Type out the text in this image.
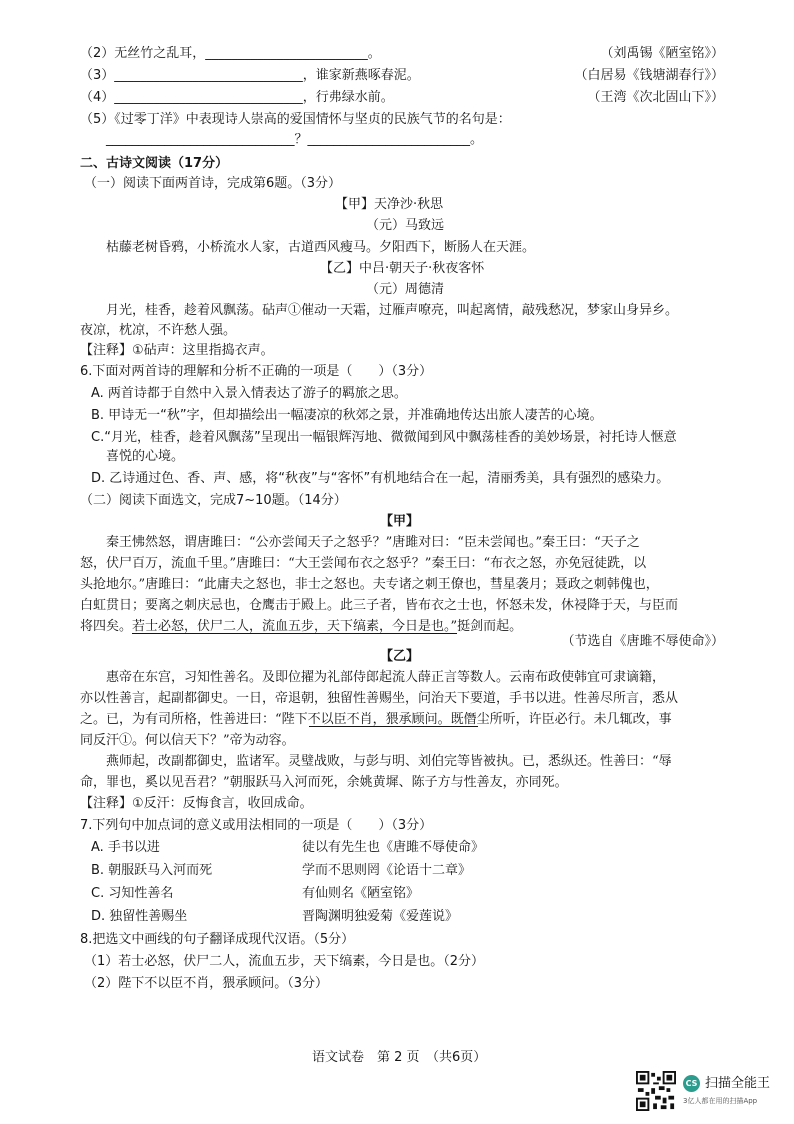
（2）无丝竹之乱耳，_________________________。
（3）_____________________________，谁家新燕啄春泥。
（4）_____________________________，行弗绿水前。
（5）《过零丁洋》中表现诗人崇高的爱国情怀与坚贞的民族气节的名句是：
_____________________________？_________________________。
二、古诗文阅读（17分）
（一）阅读下面两首诗，完成第6题。（3分）
【甲】天净沙·秋思
（元）马致远
枯藤老树昏鸦，小桥流水人家，古道西风瘦马。夕阳西下，断肠人在天涯。
【乙】中吕·朝天子·秋夜客怀
（元）周德清
月光，桂香，趁着风飘荡。砧声①催动一天霜，过雁声嘹亮，叫起离情，敲残愁况，梦家山身异乡。
夜凉，枕凉，不许愁人强。
【注释】①砧声：这里指捣衣声。
6.下面对两首诗的理解和分析不正确的一项是（　　）（3分）
A. 两首诗都于自然中入景入情表达了游子的羁旅之思。
B. 甲诗无一“秋”字，但却描绘出一幅凄凉的秋郊之景，并准确地传达出旅人凄苦的心境。
C.“月光，桂香，趁着风飘荡”呈现出一幅银辉泻地、微微闻到风中飘荡桂香的美妙场景，衬托诗人惬意
喜悦的心境。
D. 乙诗通过色、香、声、感，将“秋夜”与“客怀”有机地结合在一起，清丽秀美，具有强烈的感染力。
（二）阅读下面选文，完成7~10题。（14分）
【甲】
秦王怫然怒，谓唐雎曰：“公亦尝闻天子之怒乎？”唐雎对曰：“臣未尝闻也。”秦王曰：“天子之
怒，伏尸百万，流血千里。”唐雎曰：“大王尝闻布衣之怒乎？”秦王曰：“布衣之怒，亦免冠徒跣，以
头抢地尔。”唐雎曰：“此庸夫之怒也，非士之怒也。夫专诸之刺王僚也，彗星袭月；聂政之刺韩傀也，
白虹贯日；要离之刺庆忌也，仓鹰击于殿上。此三子者，皆布衣之士也，怀怒未发，休祲降于天，与臣而
将四矣。若士必怒，伏尸二人，流血五步，天下缟素，今日是也。”挺剑而起。
【乙】
惠帝在东宫，习知性善名。及即位擢为礼部侍郎起流人薛正言等数人。云南布政使韩宜可隶谪籍，
亦以性善言，起副都御史。一日，帝退朝，独留性善赐坐，问治天下要道，手书以进。性善尽所言，悉从
之。已，为有司所格，性善进曰：“陛下不以臣不肖，猥承顾问。既僭尘所听，许臣必行。未几辄改，事
同反汗①。何以信天下？”帝为动容。
燕师起，改副都御史，监诸军。灵璧战败，与彭与明、刘伯完等皆被执。已，悉纵还。性善曰：“辱
命，罪也，奚以见吾君？”朝服跃马入河而死，余姚黄墀、陈子方与性善友，亦同死。
【注释】①反汗：反悔食言，收回成命。
7.下列句中加点词的意义或用法相同的一项是（　　）（3分）
A. 手书以进	徒以有先生也《唐雎不辱使命》
B. 朝服跃马入河而死	学而不思则罔《论语十二章》
C. 习知性善名	有仙则名《陋室铭》
D. 独留性善赐坐	晋陶渊明独爱菊《爱莲说》
8.把选文中画线的句子翻译成现代汉语。（5分）
（1）若士必怒，伏尸二人，流血五步，天下缟素，今日是也。（2分）
（2）陛下不以臣不肖，猥承顾问。（3分）
语文试卷　第 2 页　（共6页）
（刘禹锡《陋室铭》）
（白居易《钱塘湖春行》）
（王湾《次北固山下》）
（节选自《唐雎不辱使命》）
CS 扫描全能王
3亿人都在用的扫描App
